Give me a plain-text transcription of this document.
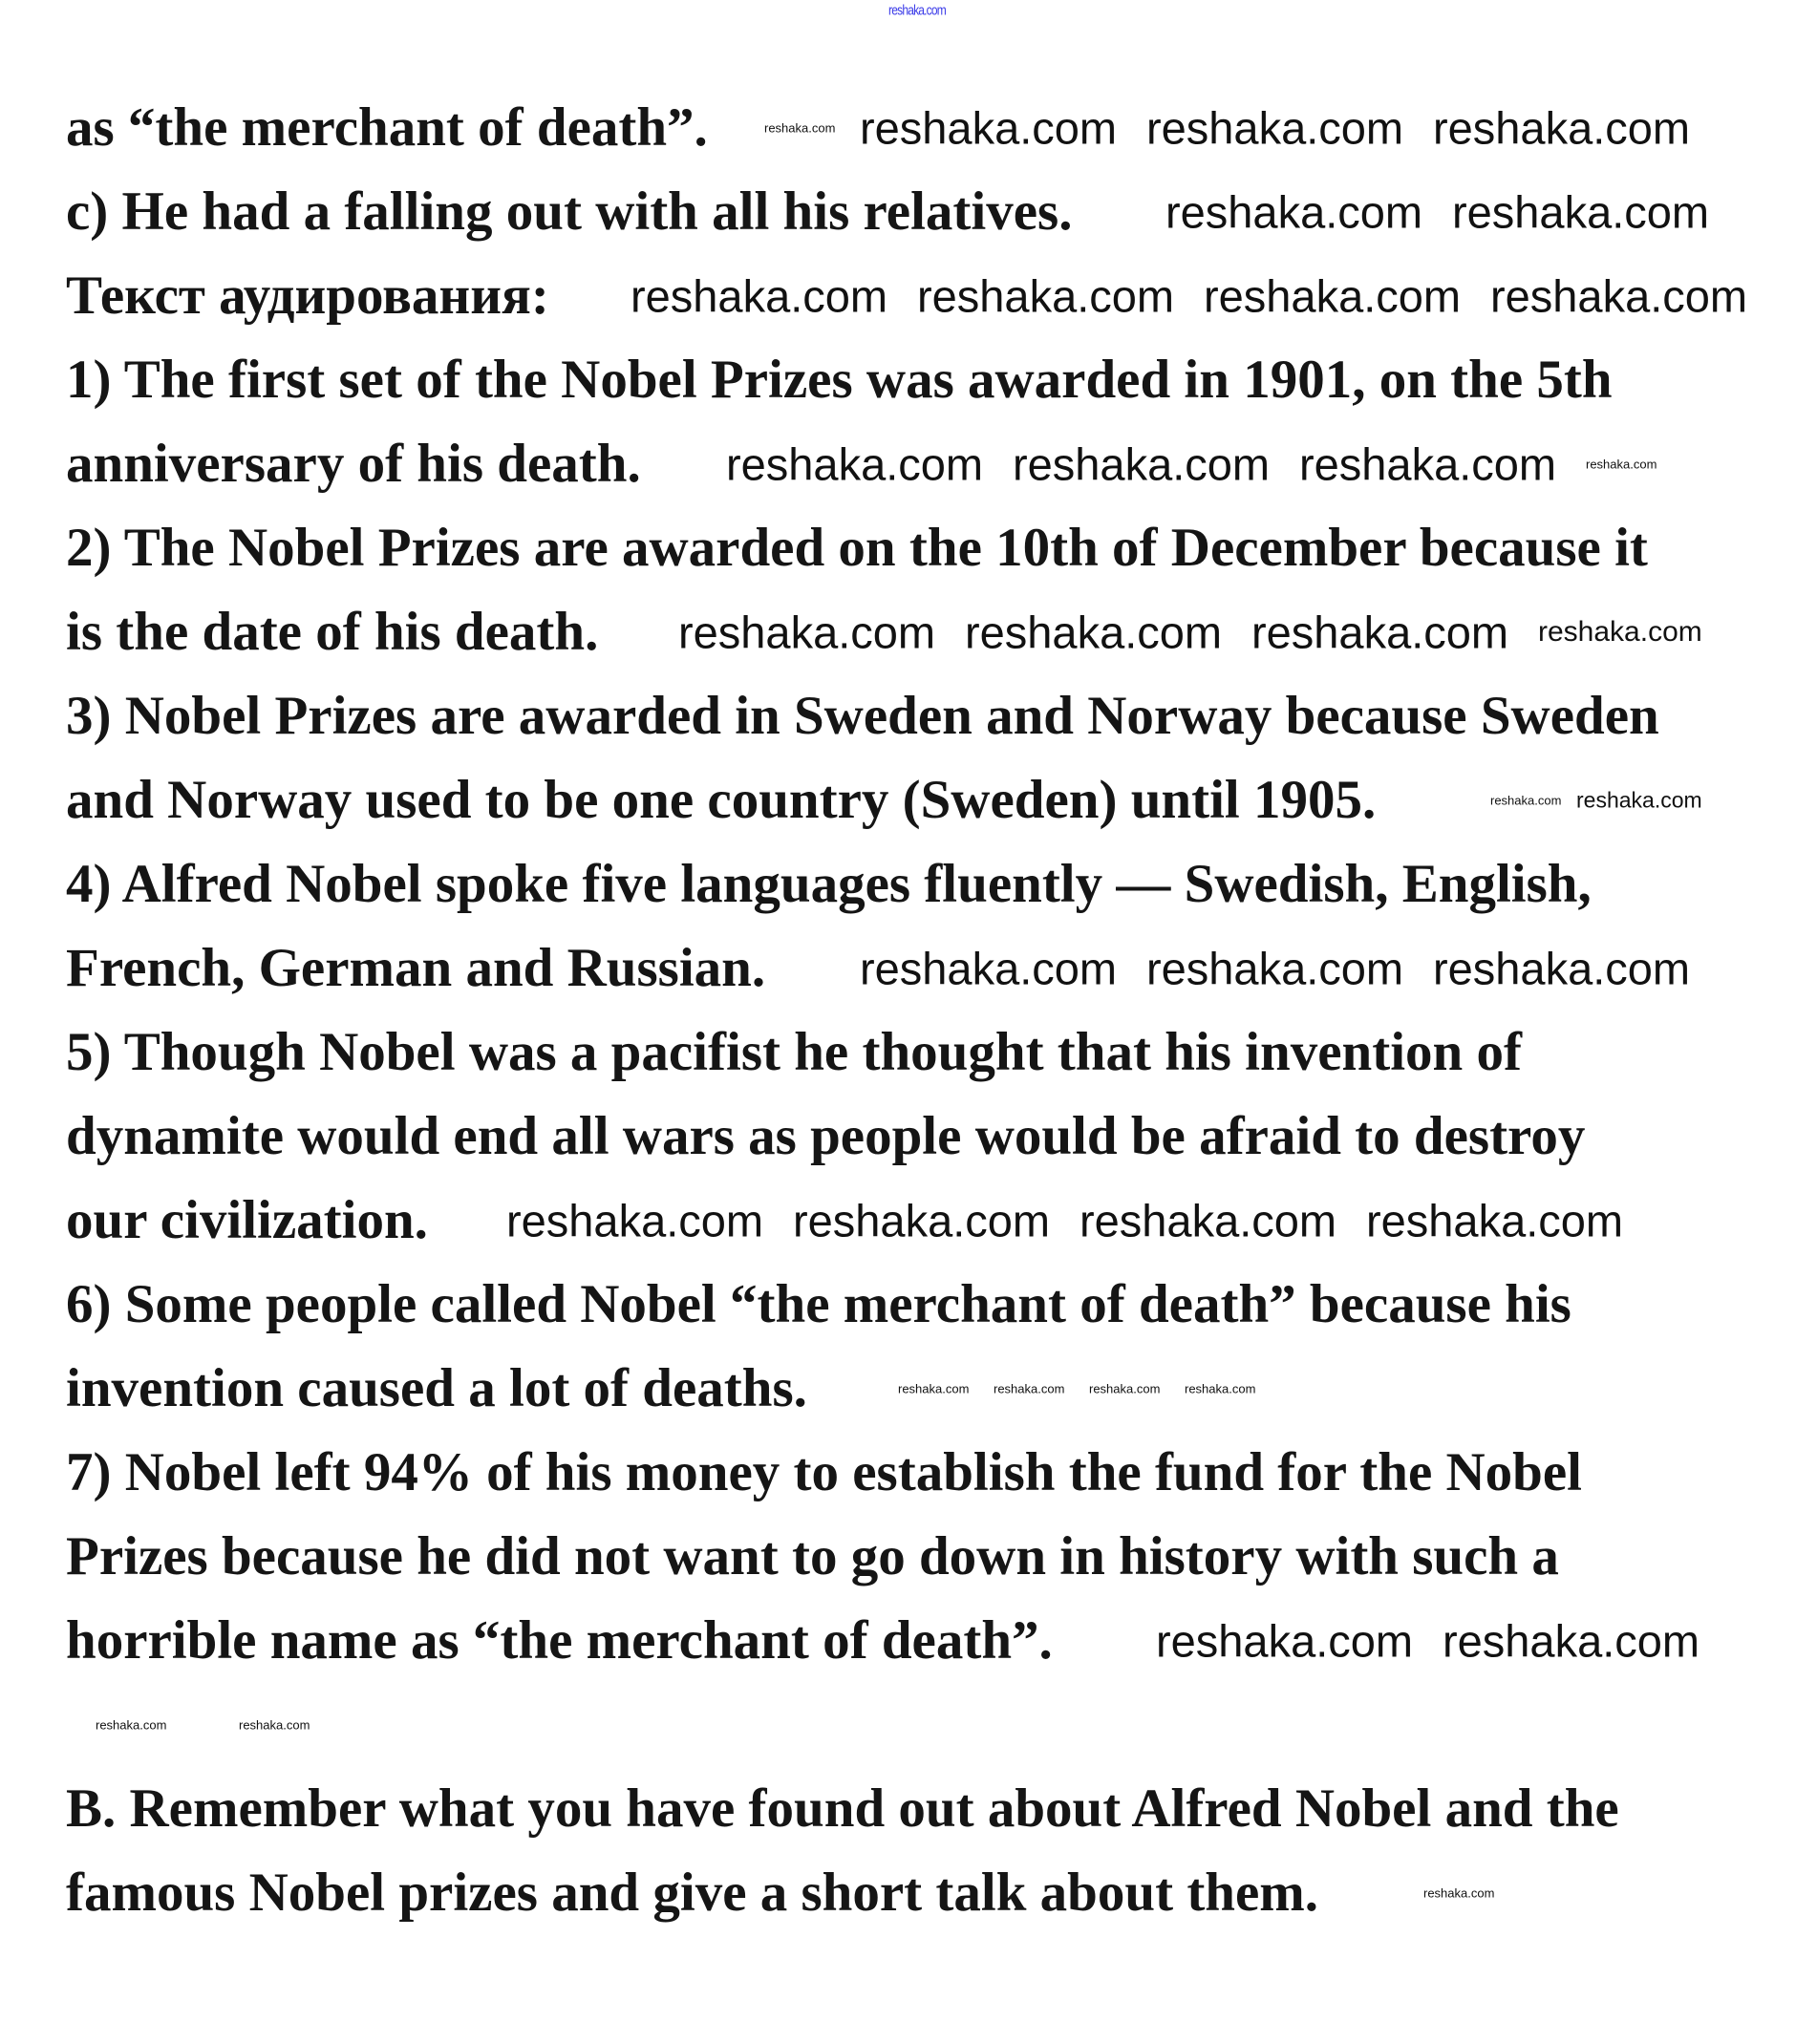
as “the merchant of death”.
c) He had a falling out with all his relatives.
Текст аудирования:
1) The first set of the Nobel Prizes was awarded in 1901, on the 5th
anniversary of his death.
2) The Nobel Prizes are awarded on the 10th of December because it
is the date of his death.
3) Nobel Prizes are awarded in Sweden and Norway because Sweden
and Norway used to be one country (Sweden) until 1905.
4) Alfred Nobel spoke five languages fluently — Swedish, English,
French, German and Russian.
5) Though Nobel was a pacifist he thought that his invention of
dynamite would end all wars as people would be afraid to destroy
our civilization.
6) Some people called Nobel “the merchant of death” because his
invention caused a lot of deaths.
7) Nobel left 94% of his money to establish the fund for the Nobel
Prizes because he did not want to go down in history with such a
horrible name as “the merchant of death”.
B. Remember what you have found out about Alfred Nobel and the
famous Nobel prizes and give a short talk about them.
reshaka.com
reshaka.com reshaka.com reshaka.com reshaka.com
reshaka.com reshaka.com
reshaka.com reshaka.com reshaka.com reshaka.com
reshaka.com reshaka.com reshaka.com reshaka.com
reshaka.com reshaka.com reshaka.com reshaka.com
reshaka.com reshaka.com
reshaka.com reshaka.com reshaka.com
reshaka.com reshaka.com reshaka.com reshaka.com
reshaka.com reshaka.com reshaka.com reshaka.com
reshaka.com reshaka.com
reshaka.com	reshaka.com
reshaka.com
